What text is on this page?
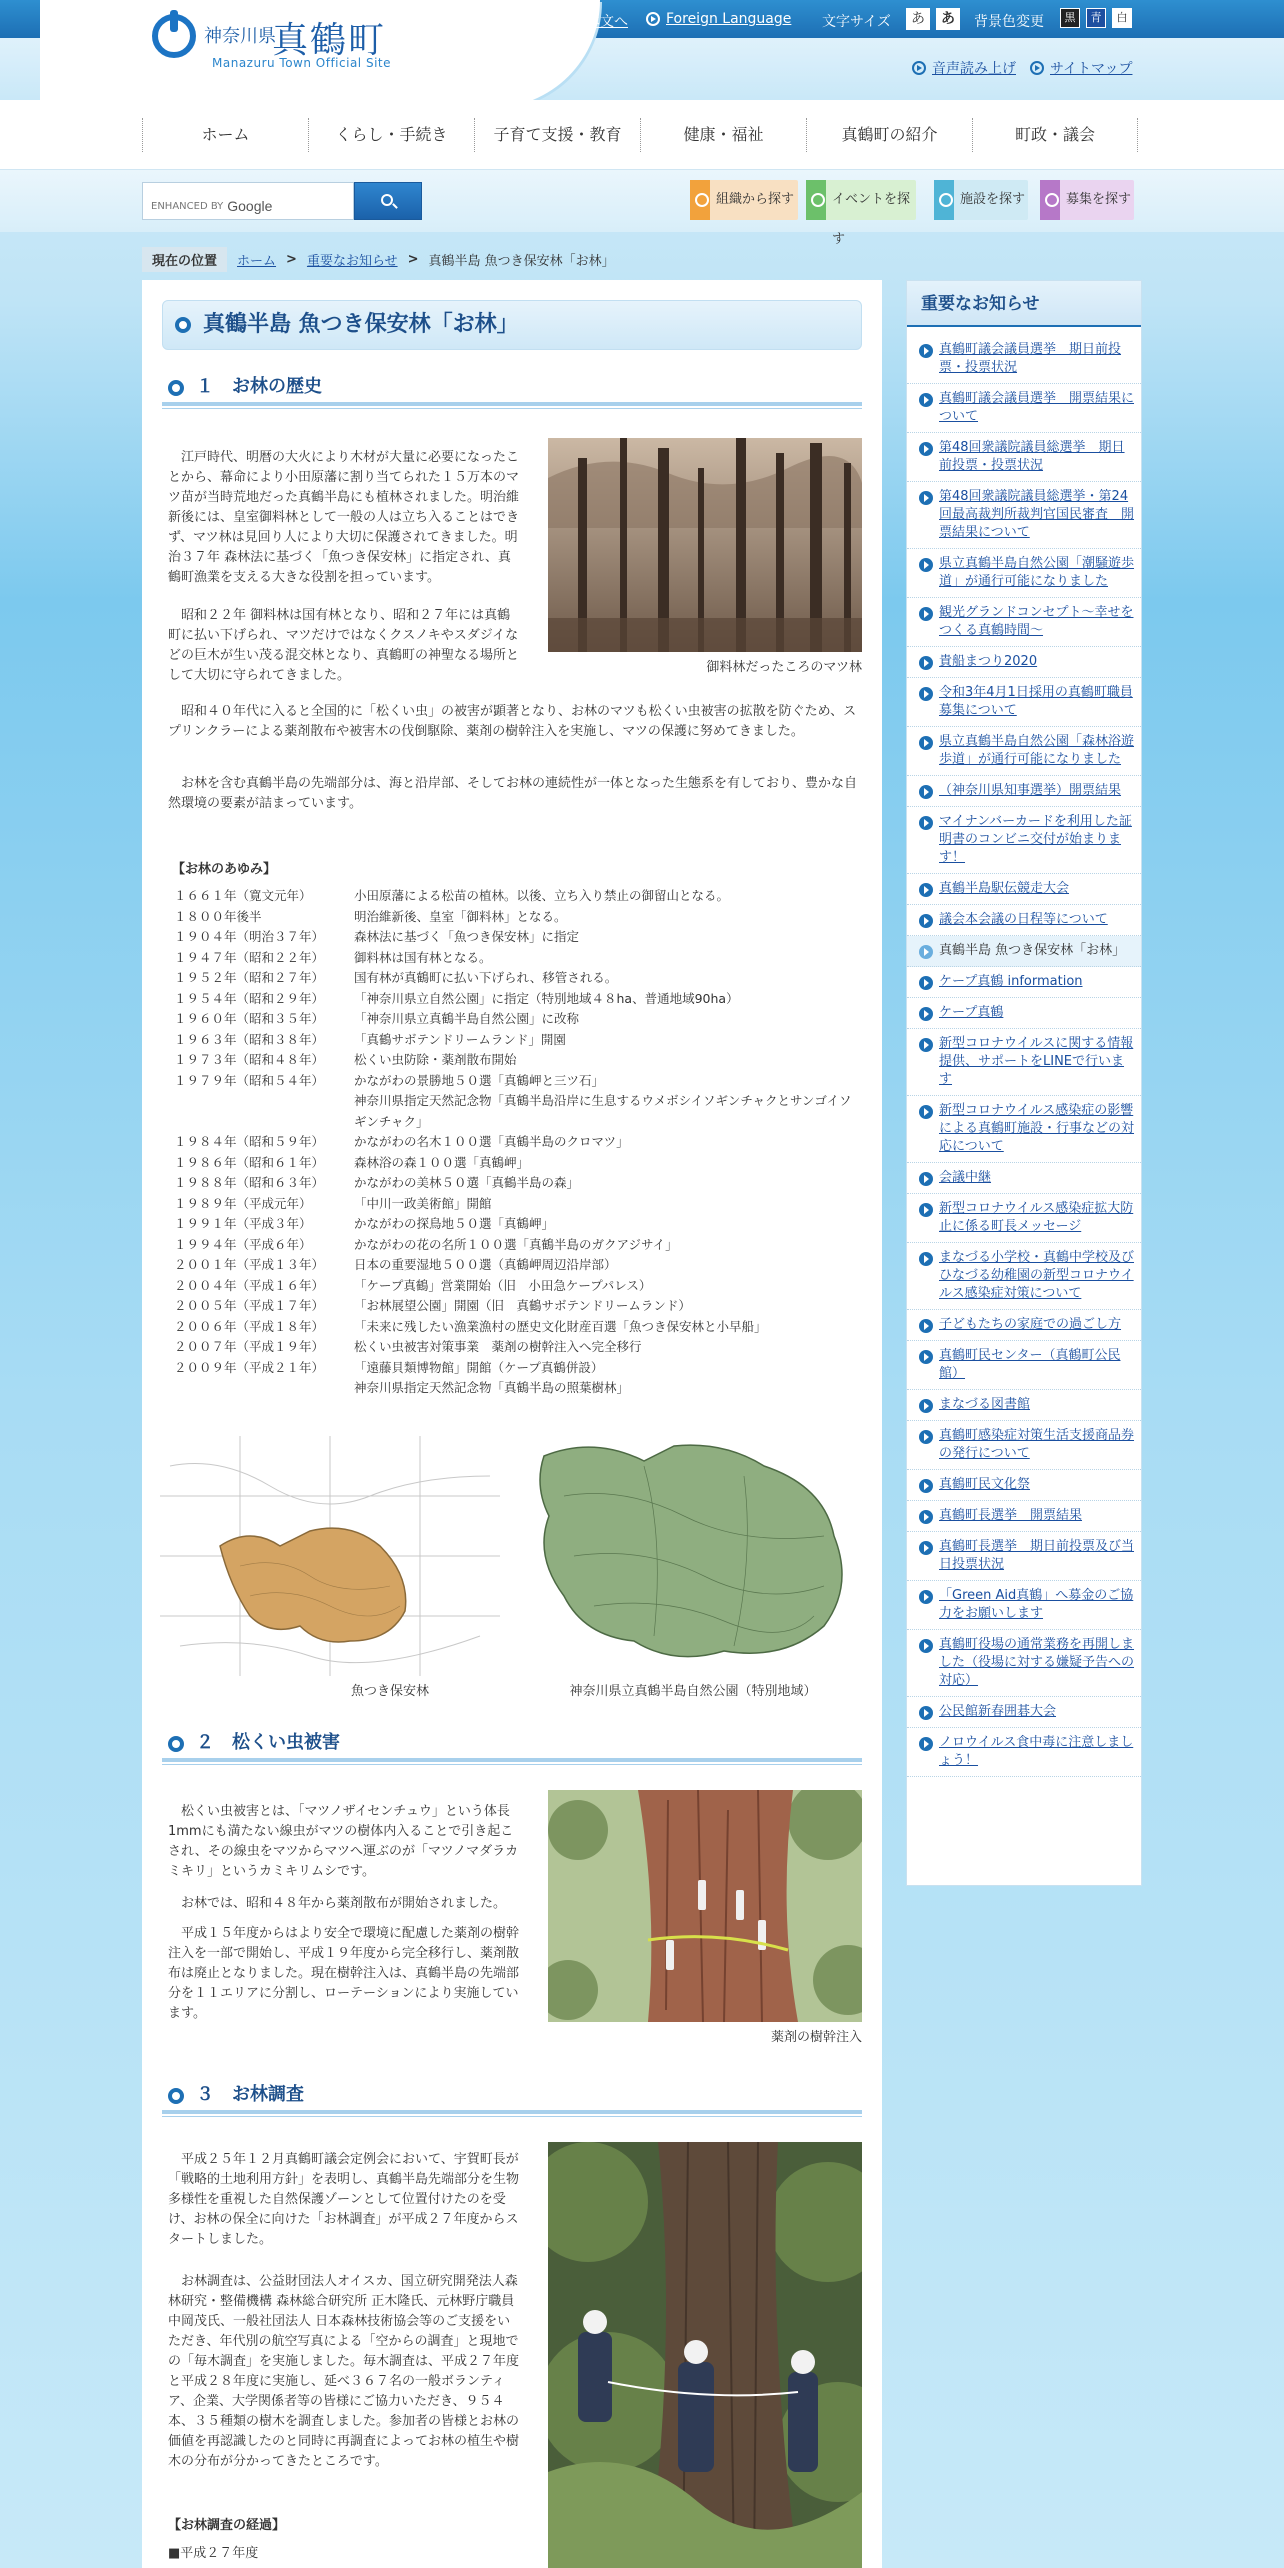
神奈川県
真鶴町
Manazuru Town Official Site
本文へ	Foreign Language 文字サイズ	あ	あ	背景色変更	黒	青	白
音声読み上げ サイトマップ
ホーム	くらし・手続き	子育て支援・教育	健康・福祉	真鶴町の紹介	町政・議会
ENHANCED BY Google	組織から探す	イベントを探す
施設を探す	募集を探す
現在の位置	ホーム > 重要なお知らせ > 真鶴半島 魚つき保安林「お林」
真鶴半島 魚つき保安林「お林」
１　お林の歴史
江戸時代、明暦の大火により木材が大量に必要になったことから、幕命により小田原藩に割り当てられた１５万本のマツ苗が当時荒地だった真鶴半島にも植林されました。明治維新後には、皇室御料林として一般の人は立ち入ることはできず、マツ林は見回り人により大切に保護されてきました。明治３７年 森林法に基づく「魚つき保安林」に指定され、真鶴町漁業を支える大きな役割を担っています。
昭和２２年 御料林は国有林となり、昭和２７年には真鶴町に払い下げられ、マツだけではなくクスノキやスダジイなどの巨木が生い茂る混交林となり、真鶴町の神聖なる場所として大切に守られてきました。
御料林だったころのマツ林
昭和４０年代に入ると全国的に「松くい虫」の被害が顕著となり、お林のマツも松くい虫被害の拡散を防ぐため、スプリンクラーによる薬剤散布や被害木の伐倒駆除、薬剤の樹幹注入を実施し、マツの保護に努めてきました。
お林を含む真鶴半島の先端部分は、海と沿岸部、そしてお林の連続性が一体となった生態系を有しており、豊かな自然環境の要素が詰まっています。
【お林のあゆみ】
１６６１年（寛文元年）	小田原藩による松苗の植林。以後、立ち入り禁止の御留山となる。
１８００年後半	明治維新後、皇室「御料林」となる。
１９０４年（明治３７年）	森林法に基づく「魚つき保安林」に指定
１９４７年（昭和２２年）	御料林は国有林となる。
１９５２年（昭和２７年）	国有林が真鶴町に払い下げられ、移管される。
１９５４年（昭和２９年）	「神奈川県立自然公園」に指定（特別地域４８ha、普通地域90ha）
１９６０年（昭和３５年）	「神奈川県立真鶴半島自然公園」に改称
１９６３年（昭和３８年）	「真鶴サボテンドリームランド」開園
１９７３年（昭和４８年）	松くい虫防除・薬剤散布開始
１９７９年（昭和５４年）	かながわの景勝地５０選「真鶴岬と三ツ石」
神奈川県指定天然記念物「真鶴半島沿岸に生息するウメボシイソギンチャクとサンゴイソギンチャク」
１９８４年（昭和５９年）	かながわの名木１００選「真鶴半島のクロマツ」
１９８６年（昭和６１年）	森林浴の森１００選「真鶴岬」
１９８８年（昭和６３年）	かながわの美林５０選「真鶴半島の森」
１９８９年（平成元年）	「中川一政美術館」開館
１９９１年（平成３年）	かながわの探鳥地５０選「真鶴岬」
１９９４年（平成６年）	かながわの花の名所１００選「真鶴半島のガクアジサイ」
２００１年（平成１３年）	日本の重要湿地５００選（真鶴岬周辺沿岸部）
２００４年（平成１６年）	「ケープ真鶴」営業開始（旧　小田急ケープパレス）
２００５年（平成１７年）	「お林展望公園」開園（旧　真鶴サボテンドリームランド）
２００６年（平成１８年）	「未来に残したい漁業漁村の歴史文化財産百選「魚つき保安林と小早船」
２００７年（平成１９年）	松くい虫被害対策事業　薬剤の樹幹注入へ完全移行
２００９年（平成２１年）	「遠藤貝類博物館」開館（ケープ真鶴併設）
神奈川県指定天然記念物「真鶴半島の照葉樹林」
魚つき保安林	神奈川県立真鶴半島自然公園（特別地域）
２　松くい虫被害
松くい虫被害とは、「マツノザイセンチュウ」という体長1mmにも満たない線虫がマツの樹体内入ることで引き起こされ、その線虫をマツからマツへ運ぶのが「マツノマダラカミキリ」というカミキリムシです。
お林では、昭和４８年から薬剤散布が開始されました。
平成１５年度からはより安全で環境に配慮した薬剤の樹幹注入を一部で開始し、平成１９年度から完全移行し、薬剤散布は廃止となりました。現在樹幹注入は、真鶴半島の先端部分を１１エリアに分割し、ローテーションにより実施しています。
薬剤の樹幹注入
３　お林調査
平成２５年１２月真鶴町議会定例会において、宇賀町長が「戦略的土地利用方針」を表明し、真鶴半島先端部分を生物多様性を重視した自然保護ゾーンとして位置付けたのを受け、お林の保全に向けた「お林調査」が平成２７年度からスタートしました。
お林調査は、公益財団法人オイスカ、国立研究開発法人森林研究・整備機構 森林総合研究所 正木隆氏、元林野庁職員 中岡茂氏、一般社団法人 日本森林技術協会等のご支援をいただき、年代別の航空写真による「空からの調査」と現地での「毎木調査」を実施しました。毎木調査は、平成２７年度と平成２８年度に実施し、延べ３６７名の一般ボランティア、企業、大学関係者等の皆様にご協力いただき、９５４本、３５種類の樹木を調査しました。参加者の皆様とお林の価値を再認識したのと同時に再調査によってお林の植生や樹木の分布が分かってきたところです。
【お林調査の経過】
■平成２７年度
重要なお知らせ
真鶴町議会議員選挙　期日前投票・投票状況
真鶴町議会議員選挙　開票結果について
第48回衆議院議員総選挙　期日前投票・投票状況
第48回衆議院議員総選挙・第24回最高裁判所裁判官国民審査　開票結果について
県立真鶴半島自然公園「潮騒遊歩道」が通行可能になりました
観光グランドコンセプト～幸せをつくる真鶴時間～
貴船まつり2020
令和3年4月1日採用の真鶴町職員募集について
県立真鶴半島自然公園「森林浴遊歩道」が通行可能になりました
（神奈川県知事選挙）開票結果
マイナンバーカードを利用した証明書のコンビニ交付が始まります！
真鶴半島駅伝競走大会
議会本会議の日程等について
真鶴半島 魚つき保安林「お林」
ケープ真鶴 information
ケープ真鶴
新型コロナウイルスに関する情報提供、サポートをLINEで行います
新型コロナウイルス感染症の影響による真鶴町施設・行事などの対応について
会議中継
新型コロナウイルス感染症拡大防止に係る町長メッセージ
まなづる小学校・真鶴中学校及びひなづる幼稚園の新型コロナウイルス感染症対策について
子どもたちの家庭での過ごし方
真鶴町民センター（真鶴町公民館）
まなづる図書館
真鶴町感染症対策生活支援商品券の発行について
真鶴町民文化祭
真鶴町長選挙　開票結果
真鶴町長選挙　期日前投票及び当日投票状況
「Green Aid真鶴」へ募金のご協力をお願いします
真鶴町役場の通常業務を再開しました（役場に対する嫌疑予告への対応）
公民館新春囲碁大会
ノロウイルス食中毒に注意しましょう！
